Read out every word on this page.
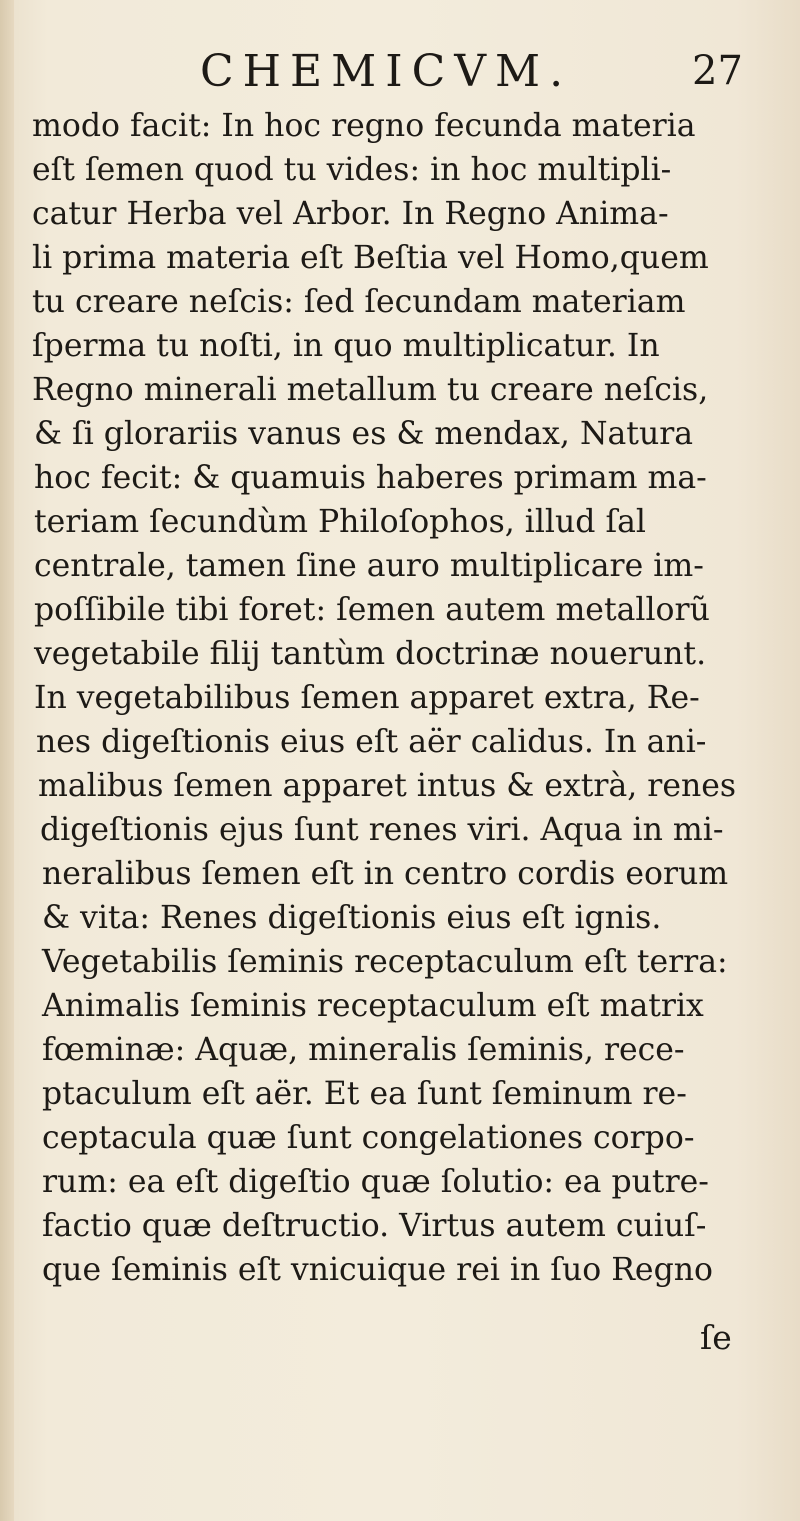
CHEMICVM.	27
modo facit: In hoc regno fecunda materia
eſt ſemen quod tu vides: in hoc multipli-
catur Herba vel Arbor. In Regno Anima-
li prima materia eſt Beſtia vel Homo,quem
tu creare neſcis: ſed ſecundam materiam
ſperma tu noſti, in quo multiplicatur. In
Regno minerali metallum tu creare neſcis,
& ſi glorariis vanus es & mendax, Natura
hoc fecit: & quamuis haberes primam ma-
teriam ſecundùm Philoſophos, illud ſal
centrale, tamen ſine auro multiplicare im-
poſſibile tibi foret: ſemen autem metallorũ
vegetabile filij tantùm doctrinæ nouerunt.
In vegetabilibus ſemen apparet extra, Re-
nes digeſtionis eius eſt aër calidus. In ani-
malibus ſemen apparet intus & extrà, renes
digeſtionis ejus ſunt renes viri. Aqua in mi-
neralibus ſemen eſt in centro cordis eorum
& vita: Renes digeſtionis eius eſt ignis.
Vegetabilis ſeminis receptaculum eſt terra:
Animalis ſeminis receptaculum eſt matrix
fœminæ: Aquæ, mineralis ſeminis, rece-
ptaculum eſt aër. Et ea ſunt ſeminum re-
ceptacula quæ ſunt congelationes corpo-
rum: ea eſt digeſtio quæ ſolutio: ea putre-
factio quæ deſtructio. Virtus autem cuiuſ-
que ſeminis eſt vnicuique rei in ſuo Regno
ſe
